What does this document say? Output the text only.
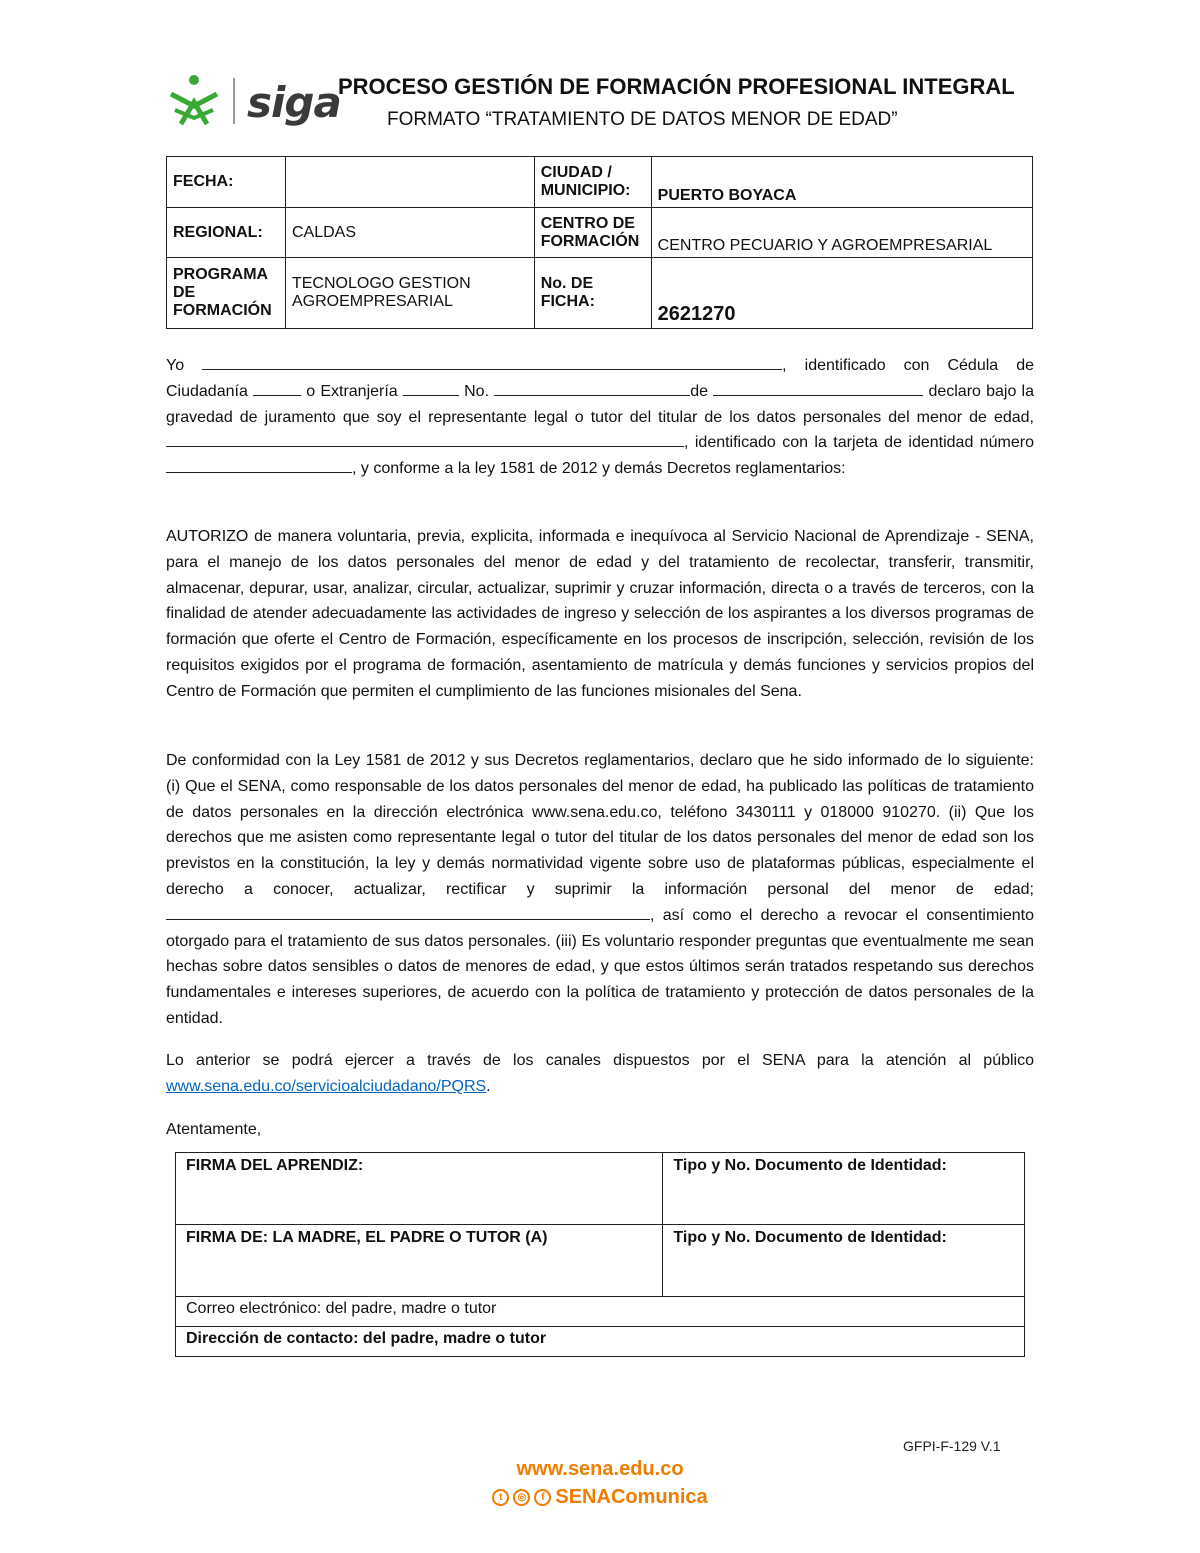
siga
PROCESO GESTIÓN DE FORMACIÓN PROFESIONAL INTEGRAL
FORMATO “TRATAMIENTO DE DATOS MENOR DE EDAD”
FECHA:		CIUDAD / MUNICIPIO:	PUERTO BOYACA
REGIONAL:	CALDAS	CENTRO DE FORMACIÓN	CENTRO PECUARIO Y AGROEMPRESARIAL
PROGRAMA DE FORMACIÓN	TECNOLOGO GESTION AGROEMPRESARIAL	No. DE FICHA:	2621270
Yo	, identificado con Cédula de Ciudadanía	o Extranjería	No.	de	declaro bajo la gravedad de juramento que soy el representante legal o tutor del titular de los datos personales del menor de edad, , identificado con la tarjeta de identidad número , y conforme a la ley 1581 de 2012 y demás Decretos reglamentarios:
AUTORIZO de manera voluntaria, previa, explicita, informada e inequívoca al Servicio Nacional de Aprendizaje - SENA, para el manejo de los datos personales del menor de edad y del tratamiento de recolectar, transferir, transmitir, almacenar, depurar, usar, analizar, circular, actualizar, suprimir y cruzar información, directa o a través de terceros, con la finalidad de atender adecuadamente las actividades de ingreso y selección de los aspirantes a los diversos programas de formación que oferte el Centro de Formación, específicamente en los procesos de inscripción, selección, revisión de los requisitos exigidos por el programa de formación, asentamiento de matrícula y demás funciones y servicios propios del Centro de Formación que permiten el cumplimiento de las funciones misionales del Sena.
De conformidad con la Ley 1581 de 2012 y sus Decretos reglamentarios, declaro que he sido informado de lo siguiente: (i) Que el SENA, como responsable de los datos personales del menor de edad, ha publicado las políticas de tratamiento de datos personales en la dirección electrónica www.sena.edu.co, teléfono 3430111 y 018000 910270. (ii) Que los derechos que me asisten como representante legal o tutor del titular de los datos personales del menor de edad son los previstos en la constitución, la ley y demás normatividad vigente sobre uso de plataformas públicas, especialmente el derecho a conocer, actualizar, rectificar y suprimir la información personal del menor de edad; , así como el derecho a revocar el consentimiento otorgado para el tratamiento de sus datos personales. (iii) Es voluntario responder preguntas que eventualmente me sean hechas sobre datos sensibles o datos de menores de edad, y que estos últimos serán tratados respetando sus derechos fundamentales e intereses superiores, de acuerdo con la política de tratamiento y protección de datos personales de la entidad.
Lo anterior se podrá ejercer a través de los canales dispuestos por el SENA para la atención al público www.sena.edu.co/servicioalciudadano/PQRS.
Atentamente,
FIRMA DEL APRENDIZ:	Tipo y No. Documento de Identidad:
FIRMA DE: LA MADRE, EL PADRE O TUTOR (A)	Tipo y No. Documento de Identidad:
Correo electrónico: del padre, madre o tutor	
Dirección de contacto: del padre, madre o tutor	
GFPI-F-129 V.1
www.sena.edu.co
t	◎	f SENAComunica
